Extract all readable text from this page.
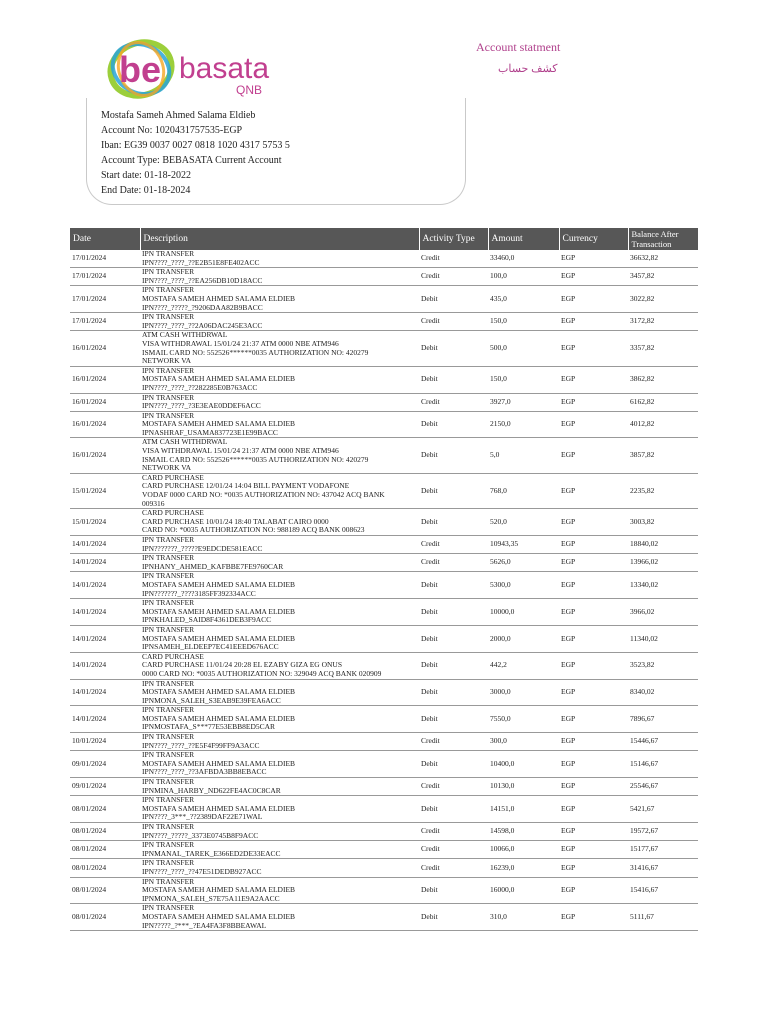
be basata
QNB
Account statment
كشف حساب
Mostafa Sameh Ahmed Salama Eldieb
Account No: 1020431757535-EGP
Iban: EG39 0037 0027 0818 1020 4317 5753 5
Account Type: BEBASATA Current Account
Start date: 01-18-2022
End Date: 01-18-2024
Date	Description	Activity Type	Amount	Currency	Balance After Transaction
17/01/2024	IPN TRANSFER
IPN????_????_??E2B51E8FE402ACC	Credit	33460,0	EGP	36632,82
17/01/2024	IPN TRANSFER
IPN????_????_??EA256DB10D18ACC	Credit	100,0	EGP	3457,82
17/01/2024	IPN TRANSFER
MOSTAFA SAMEH AHMED SALAMA ELDIEB
IPN????_?????_?9206DAA82B9BACC	Debit	435,0	EGP	3022,82
17/01/2024	IPN TRANSFER
IPN????_????_??2A06DAC245E3ACC	Credit	150,0	EGP	3172,82
16/01/2024	ATM CASH WITHDRWAL
VISA WITHDRAWAL 15/01/24 21:37 ATM 0000 NBE ATM946
ISMAIL CARD NO: 552526******0035 AUTHORIZATION NO: 420279
NETWORK VA	Debit	500,0	EGP	3357,82
16/01/2024	IPN TRANSFER
MOSTAFA SAMEH AHMED SALAMA ELDIEB
IPN????_????_??282285E0B763ACC	Debit	150,0	EGP	3862,82
16/01/2024	IPN TRANSFER
IPN????_????_?3E3EAE0DDEF6ACC	Credit	3927,0	EGP	6162,82
16/01/2024	IPN TRANSFER
MOSTAFA SAMEH AHMED SALAMA ELDIEB
IPNASHRAF_USAMA837723E1E99BACC	Debit	2150,0	EGP	4012,82
16/01/2024	ATM CASH WITHDRWAL
VISA WITHDRAWAL 15/01/24 21:37 ATM 0000 NBE ATM946
ISMAIL CARD NO: 552526******0035 AUTHORIZATION NO: 420279
NETWORK VA	Debit	5,0	EGP	3857,82
15/01/2024	CARD PURCHASE
CARD PURCHASE 12/01/24 14:04 BILL PAYMENT VODAFONE
VODAF 0000 CARD NO: *0035 AUTHORIZATION NO: 437042 ACQ BANK
009316	Debit	768,0	EGP	2235,82
15/01/2024	CARD PURCHASE
CARD PURCHASE 10/01/24 18:40 TALABAT CAIRO 0000
CARD NO: *0035 AUTHORIZATION NO: 988189 ACQ BANK 008623	Debit	520,0	EGP	3003,82
14/01/2024	IPN TRANSFER
IPN???????_?????E9EDCDE581EACC	Credit	10943,35	EGP	18840,02
14/01/2024	IPN TRANSFER
IPNHANY_AHMED_KAFBBE7FE9760CAR	Credit	5626,0	EGP	13966,02
14/01/2024	IPN TRANSFER
MOSTAFA SAMEH AHMED SALAMA ELDIEB
IPN???????_????3185FF392334ACC	Debit	5300,0	EGP	13340,02
14/01/2024	IPN TRANSFER
MOSTAFA SAMEH AHMED SALAMA ELDIEB
IPNKHALED_SAID8F4361DEB3F9ACC	Debit	10000,0	EGP	3966,02
14/01/2024	IPN TRANSFER
MOSTAFA SAMEH AHMED SALAMA ELDIEB
IPNSAMEH_ELDEEP7EC41EEED676ACC	Debit	2000,0	EGP	11340,02
14/01/2024	CARD PURCHASE
CARD PURCHASE 11/01/24 20:28 EL EZABY GIZA EG ONUS
0000 CARD NO: *0035 AUTHORIZATION NO: 329049 ACQ BANK 020909	Debit	442,2	EGP	3523,82
14/01/2024	IPN TRANSFER
MOSTAFA SAMEH AHMED SALAMA ELDIEB
IPNMONA_SALEH_S3EAB9E39FEA6ACC	Debit	3000,0	EGP	8340,02
14/01/2024	IPN TRANSFER
MOSTAFA SAMEH AHMED SALAMA ELDIEB
IPNMOSTAFA_S***77E53EBB8ED5CAR	Debit	7550,0	EGP	7896,67
10/01/2024	IPN TRANSFER
IPN????_????_??E5F4F99FF9A3ACC	Credit	300,0	EGP	15446,67
09/01/2024	IPN TRANSFER
MOSTAFA SAMEH AHMED SALAMA ELDIEB
IPN????_????_??3AFBDA3BB8EBACC	Debit	10400,0	EGP	15146,67
09/01/2024	IPN TRANSFER
IPNMINA_HARBY_ND622FE4AC0C8CAR	Credit	10130,0	EGP	25546,67
08/01/2024	IPN TRANSFER
MOSTAFA SAMEH AHMED SALAMA ELDIEB
IPN????_3***_??2389DAF22E71WAL	Debit	14151,0	EGP	5421,67
08/01/2024	IPN TRANSFER
IPN????_?????_3373E0745B8F9ACC	Credit	14598,0	EGP	19572,67
08/01/2024	IPN TRANSFER
IPNMANAL_TAREK_E366ED2DE33EACC	Credit	10066,0	EGP	15177,67
08/01/2024	IPN TRANSFER
IPN????_????_??47E51DEDB927ACC	Credit	16239,0	EGP	31416,67
08/01/2024	IPN TRANSFER
MOSTAFA SAMEH AHMED SALAMA ELDIEB
IPNMONA_SALEH_S7E75A11E9A2AACC	Debit	16000,0	EGP	15416,67
08/01/2024	IPN TRANSFER
MOSTAFA SAMEH AHMED SALAMA ELDIEB
IPN?????_?***_?EA4FA3F8BBEAWAL	Debit	310,0	EGP	5111,67
